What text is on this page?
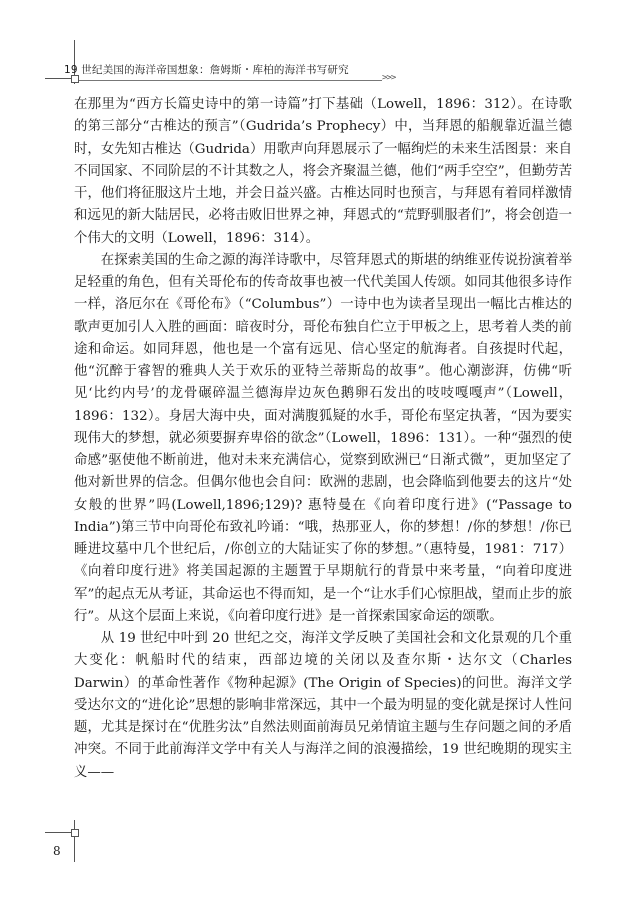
19 世纪美国的海洋帝国想象：詹姆斯・库柏的海洋书写研究
>>>

在那里为“西方长篇史诗中的第一诗篇”打下基础（Lowell，1896：312）。在诗歌的第三部分“古椎达的预言”（Gudrida’s Prophecy）中，当拜恩的船舰靠近温兰德时，女先知古椎达（Gudrida）用歌声向拜恩展示了一幅绚烂的未来生活图景：来自不同国家、不同阶层的不计其数之人，将会齐聚温兰德，他们“两手空空”，但勤劳苦干，他们将征服这片土地，并会日益兴盛。古椎达同时也预言，与拜恩有着同样激情和远见的新大陆居民，必将击败旧世界之神，拜恩式的“荒野驯服者们”，将会创造一个伟大的文明（Lowell，1896：314）。

在探索美国的生命之源的海洋诗歌中，尽管拜恩式的斯堪的纳维亚传说扮演着举足轻重的角色，但有关哥伦布的传奇故事也被一代代美国人传颂。如同其他很多诗作一样，洛厄尔在《哥伦布》（“Columbus”）一诗中也为读者呈现出一幅比古椎达的歌声更加引人入胜的画面：暗夜时分，哥伦布独自伫立于甲板之上，思考着人类的前途和命运。如同拜恩，他也是一个富有远见、信心坚定的航海者。自孩提时代起，他“沉醉于睿智的雅典人关于欢乐的亚特兰蒂斯岛的故事”。他心潮澎湃，仿佛“听见‘比约内号’的龙骨碾碎温兰德海岸边灰色鹅卵石发出的吱吱嘎嘎声”（Lowell，1896：132）。身居大海中央，面对满腹狐疑的水手，哥伦布坚定执著，“因为要实现伟大的梦想，就必须要摒弃卑俗的欲念”（Lowell，1896：131）。一种“强烈的使命感”驱使他不断前进，他对未来充满信心，觉察到欧洲已“日渐式微”，更加坚定了他对新世界的信念。但偶尔他也会自问：欧洲的悲剧，也会降临到他要去的这片“处女般的世界”吗(Lowell,1896;129)? 惠特曼在《向着印度行进》(“Passage to India”)第三节中向哥伦布致礼吟诵：“哦，热那亚人，你的梦想！/你的梦想！/你已睡进坟墓中几个世纪后，/你创立的大陆证实了你的梦想。”（惠特曼，1981：717）《向着印度行进》将美国起源的主题置于早期航行的背景中来考量，“向着印度进军”的起点无从考证，其命运也不得而知，是一个“让水手们心惊胆战，望而止步的旅行”。从这个层面上来说，《向着印度行进》是一首探索国家命运的颂歌。

从 19 世纪中叶到 20 世纪之交，海洋文学反映了美国社会和文化景观的几个重大变化：帆船时代的结束，西部边境的关闭以及查尔斯・达尔文（Charles Darwin）的革命性著作《物种起源》(The Origin of Species)的问世。海洋文学受达尔文的“进化论”思想的影响非常深远，其中一个最为明显的变化就是探讨人性问题，尤其是探讨在“优胜劣汰”自然法则面前海员兄弟情谊主题与生存问题之间的矛盾冲突。不同于此前海洋文学中有关人与海洋之间的浪漫描绘，19 世纪晚期的现实主义——

8
